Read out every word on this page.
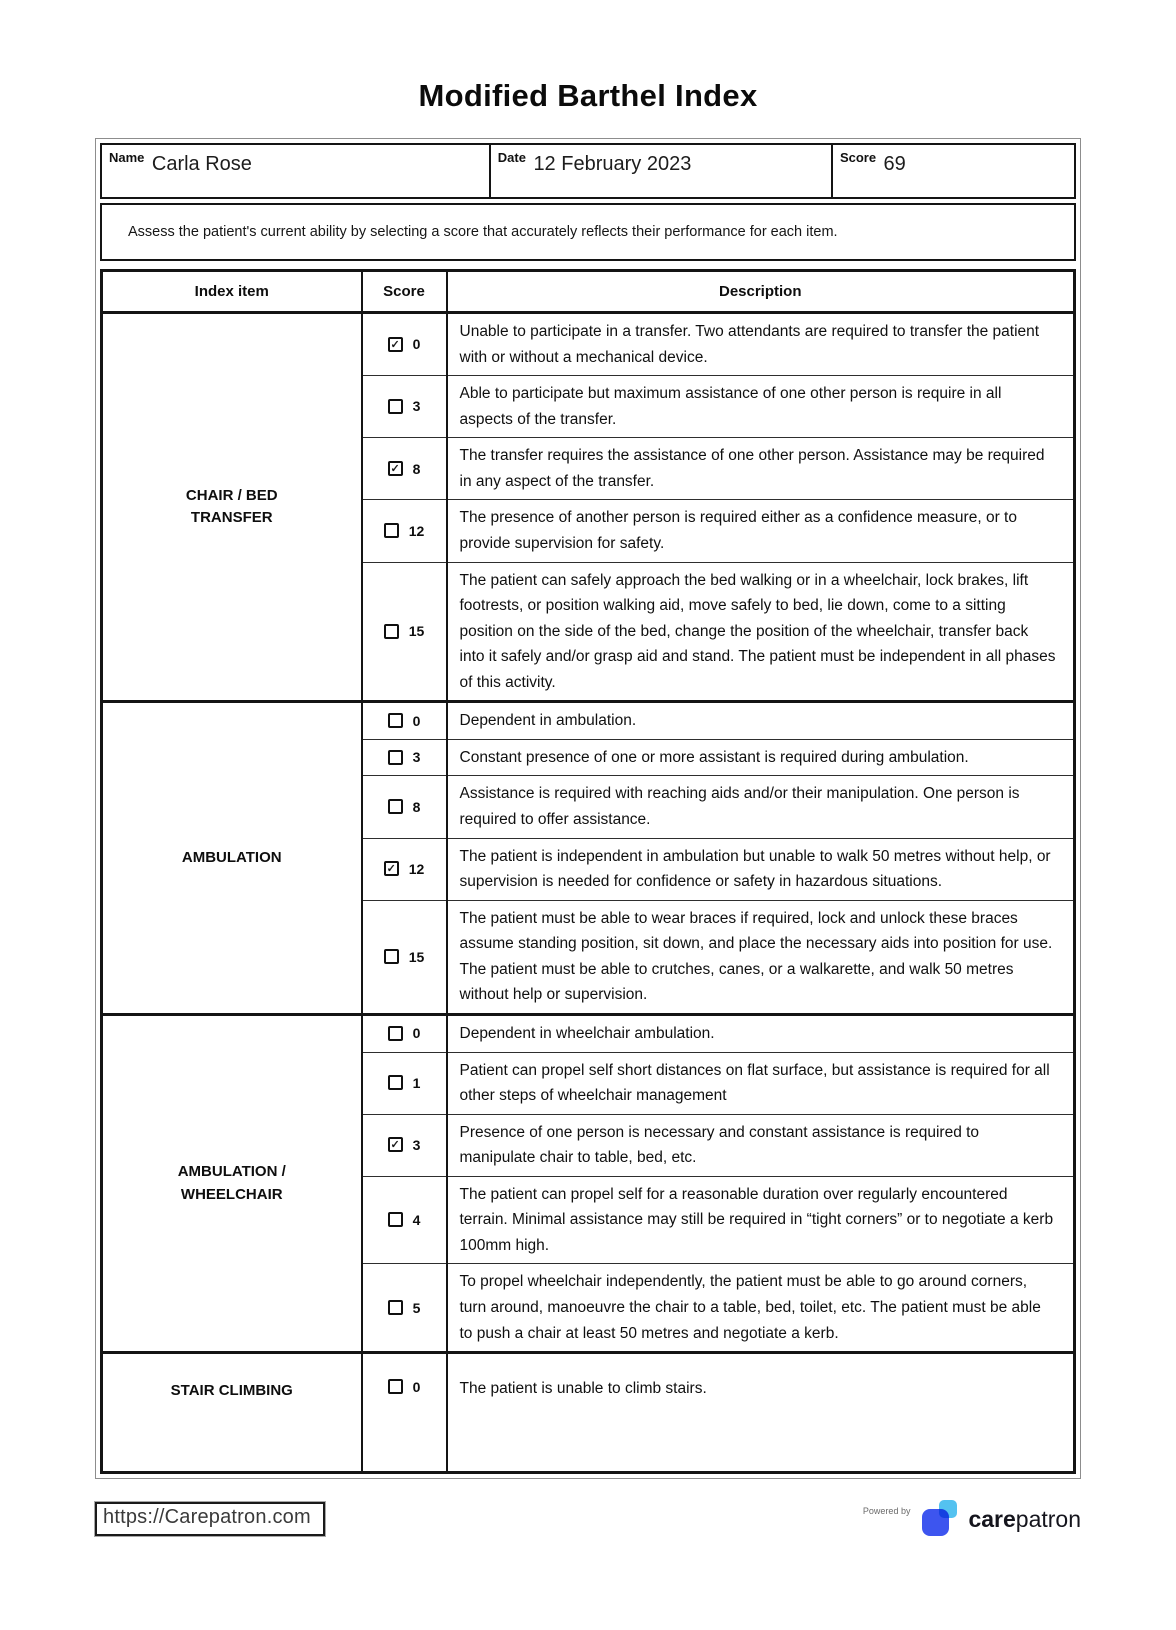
Modified Barthel Index
Name Carla Rose	Date 12 February 2023	Score 69

Assess the patient's current ability by selecting a score that accurately reflects their performance for each item.

Index item	Score	Description
CHAIR / BED TRANSFER	✓ 0	Unable to participate in a transfer. Two attendants are required to transfer the patient with or without a mechanical device.
	3	Able to participate but maximum assistance of one other person is require in all aspects of the transfer.
	✓ 8	The transfer requires the assistance of one other person. Assistance may be required in any aspect of the transfer.
	12	The presence of another person is required either as a confidence measure, or to provide supervision for safety.
	15	The patient can safely approach the bed walking or in a wheelchair, lock brakes, lift footrests, or position walking aid, move safely to bed, lie down, come to a sitting position on the side of the bed, change the position of the wheelchair, transfer back into it safely and/or grasp aid and stand. The patient must be independent in all phases of this activity.
AMBULATION	0	Dependent in ambulation.
	3	Constant presence of one or more assistant is required during ambulation.
	8	Assistance is required with reaching aids and/or their manipulation. One person is required to offer assistance.
	✓ 12	The patient is independent in ambulation but unable to walk 50 metres without help, or supervision is needed for confidence or safety in hazardous situations.
	15	The patient must be able to wear braces if required, lock and unlock these braces assume standing position, sit down, and place the necessary aids into position for use. The patient must be able to crutches, canes, or a walkarette, and walk 50 metres without help or supervision.
AMBULATION / WHEELCHAIR	0	Dependent in wheelchair ambulation.
	1	Patient can propel self short distances on flat surface, but assistance is required for all other steps of wheelchair management
	✓ 3	Presence of one person is necessary and constant assistance is required to manipulate chair to table, bed, etc.
	4	The patient can propel self for a reasonable duration over regularly encountered terrain. Minimal assistance may still be required in “tight corners” or to negotiate a kerb 100mm high.
	5	To propel wheelchair independently, the patient must be able to go around corners, turn around, manoeuvre the chair to a table, bed, toilet, etc. The patient must be able to push a chair at least 50 metres and negotiate a kerb.
STAIR CLIMBING	0	The patient is unable to climb stairs.
https://Carepatron.com	Powered by	carepatron
